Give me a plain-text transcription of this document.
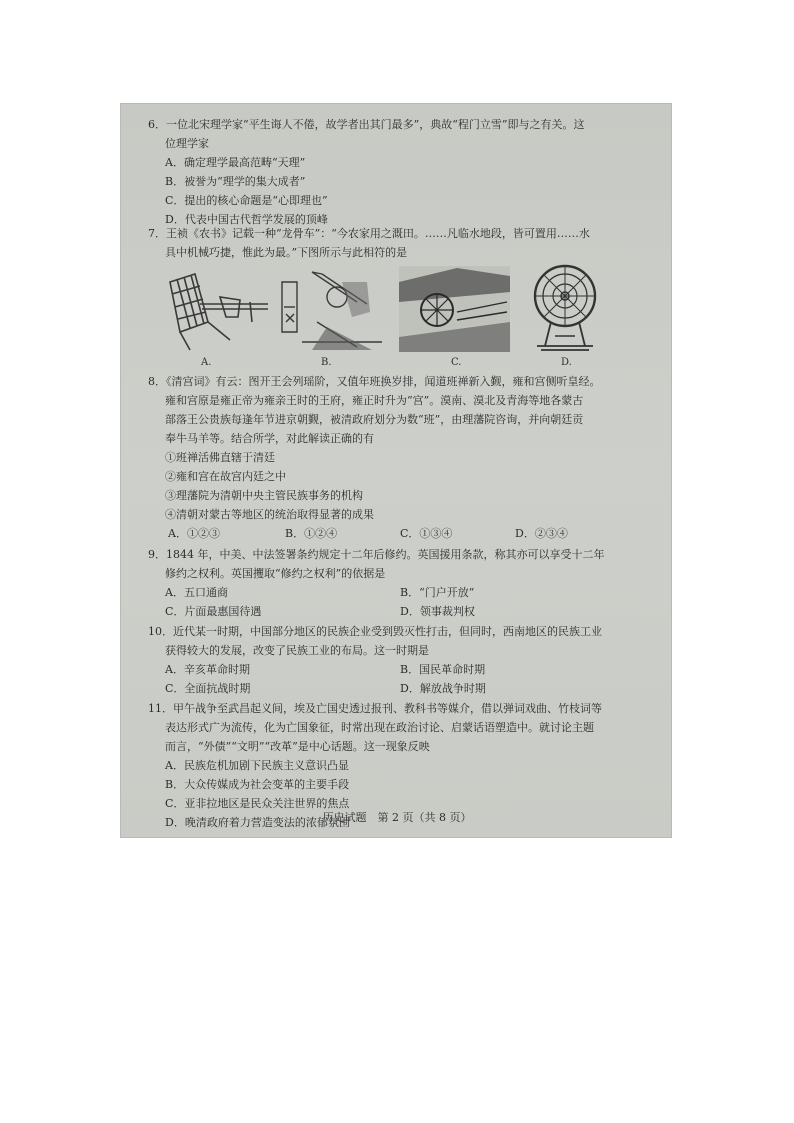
6．一位北宋理学家“平生诲人不倦，故学者出其门最多”，典故“程门立雪”即与之有关。这
位理学家
A．确定理学最高范畴“天理”
B．被誉为“理学的集大成者”
C．提出的核心命题是“心即理也”
D．代表中国古代哲学发展的顶峰
7．王祯《农书》记载一种“龙骨车”：“今农家用之溉田。……凡临水地段，皆可置用……水
具中机械巧捷，惟此为最。”下图所示与此相符的是
A.	B.	C.	D.
8．《清宫词》有云：图开王会列瑶阶，又值年班换岁排，闻道班禅新入觐，雍和宫侧听皇经。
雍和宫原是雍正帝为雍亲王时的王府，雍正时升为“宫”。漠南、漠北及青海等地各蒙古
部落王公贵族每逢年节进京朝觐，被清政府划分为数“班”，由理藩院咨询，并向朝廷贡
奉牛马羊等。结合所学，对此解读正确的有
①班禅活佛直辖于清廷
②雍和宫在故宫内廷之中
③理藩院为清朝中央主管民族事务的机构
④清朝对蒙古等地区的统治取得显著的成果
A．①②③	B．①②④	C．①③④	D．②③④
9．1844 年，中美、中法签署条约规定十二年后修约。英国援用条款，称其亦可以享受十二年
修约之权利。英国攫取“修约之权利”的依据是
A．五口通商	B．“门户开放”
C．片面最惠国待遇	D．领事裁判权
10．近代某一时期，中国部分地区的民族企业受到毁灭性打击，但同时，西南地区的民族工业
获得较大的发展，改变了民族工业的布局。这一时期是
A．辛亥革命时期	B．国民革命时期
C．全面抗战时期	D．解放战争时期
11．甲午战争至武昌起义间，埃及亡国史透过报刊、教科书等媒介，借以弹词戏曲、竹枝词等
表达形式广为流传，化为亡国象征，时常出现在政治讨论、启蒙话语塑造中。就讨论主题
而言，“外债”“文明”“改革”是中心话题。这一现象反映
A．民族危机加剧下民族主义意识凸显
B．大众传媒成为社会变革的主要手段
C．亚非拉地区是民众关注世界的焦点
D．晚清政府着力营造变法的浓郁氛围
历史试题　第 2 页（共 8 页）
